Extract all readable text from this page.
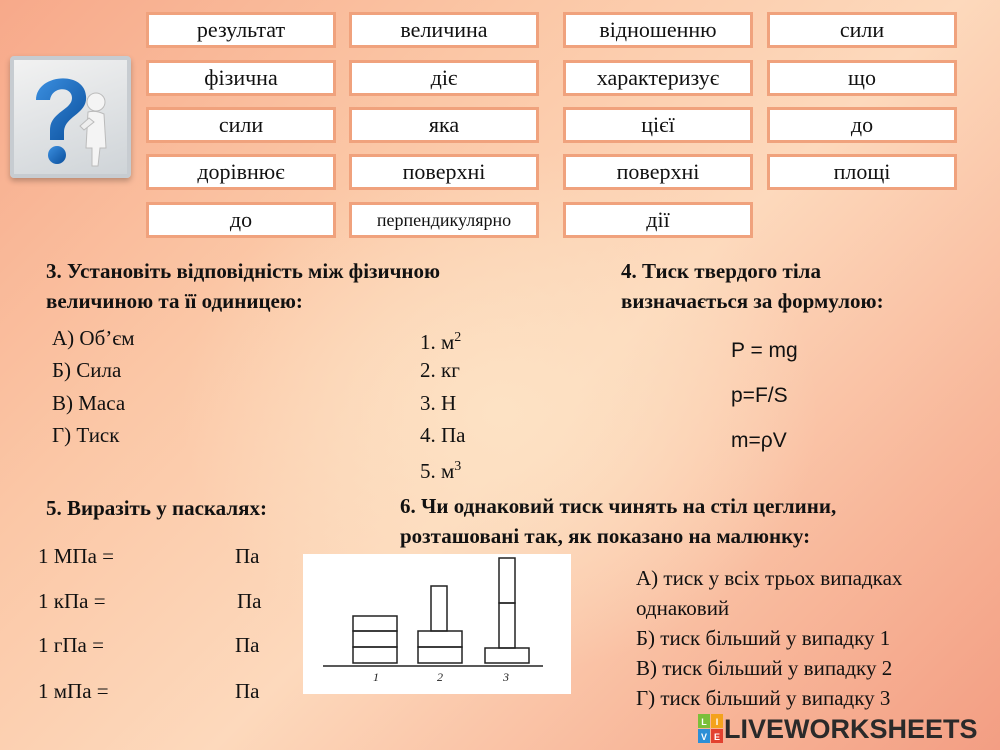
результат	величина	відношенню	сили
фізична	діє	характеризує	що
сили	яка	цієї	до
дорівнює	поверхні	поверхні	площі
до	перпендикулярно	дії
3. Установіть відповідність між фізичною
величиною та її одиницею:
А) Об’єм
Б) Сила
В) Маса
Г) Тиск
1. $м^2$
2. кг
3. Н
4. Па
5. $м^3$
4. Тиск твердого тіла
визначається за формулою:
P = mg
p=F/S
m=ρV
5. Виразіть у паскалях:
1 МПа =	Па
1 кПа =	Па
1 гПа =	Па
1 мПа =	Па
6. Чи однаковий тиск чинять на стіл цеглини,
розташовані так, як показано на малюнку:
1	2	3
А) тиск у всіх трьох випадках
однаковий
Б) тиск більший у випадку 1
В) тиск більший у випадку 2
Г) тиск більший у випадку 3
L I
V E LIVEWORKSHEETS
